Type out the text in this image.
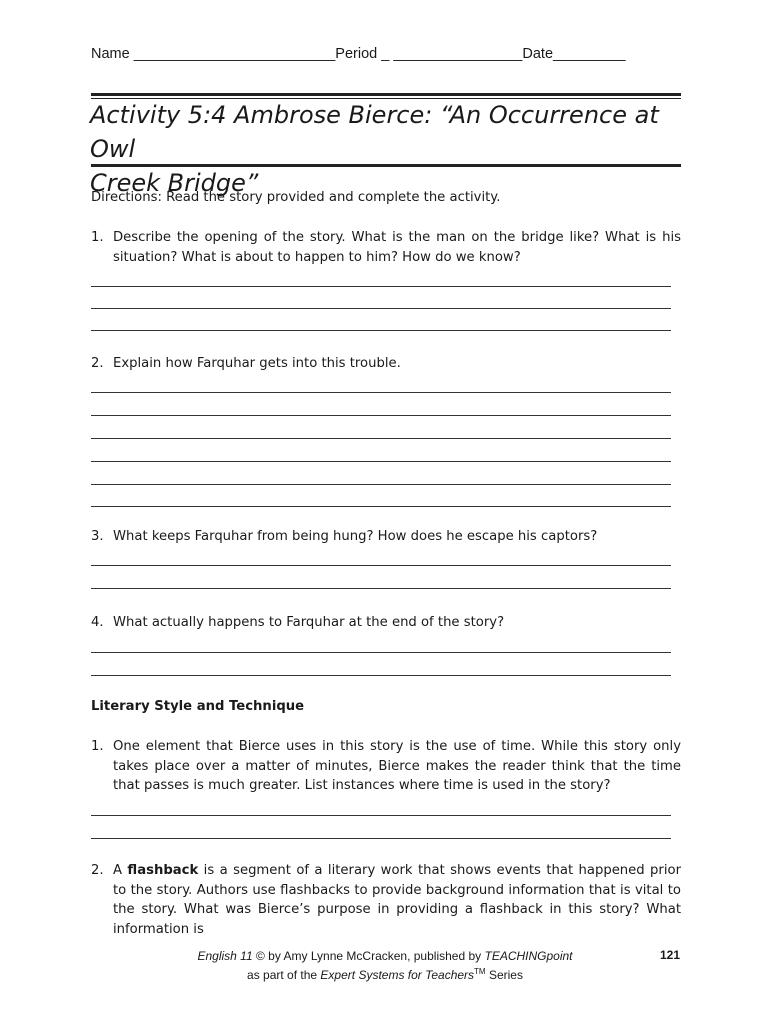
Name _________________________Period _ ________________Date_________
Activity 5:4 Ambrose Bierce: “An Occurrence at Owl
Creek Bridge”
Directions: Read the story provided and complete the activity.
1. Describe the opening of the story. What is the man on the bridge like? What is his situation? What is about to happen to him? How do we know?
2. Explain how Farquhar gets into this trouble.
3. What keeps Farquhar from being hung? How does he escape his captors?
4. What actually happens to Farquhar at the end of the story?
Literary Style and Technique
1. One element that Bierce uses in this story is the use of time. While this story only takes place over a matter of minutes, Bierce makes the reader think that the time that passes is much greater. List instances where time is used in the story?
2. A flashback is a segment of a literary work that shows events that happened prior to the story. Authors use flashbacks to provide background information that is vital to the story. What was Bierce’s purpose in providing a flashback in this story? What information is
English 11 © by Amy Lynne McCracken, published by TEACHINGpoint
as part of the Expert Systems for Teachers™ Series
121
